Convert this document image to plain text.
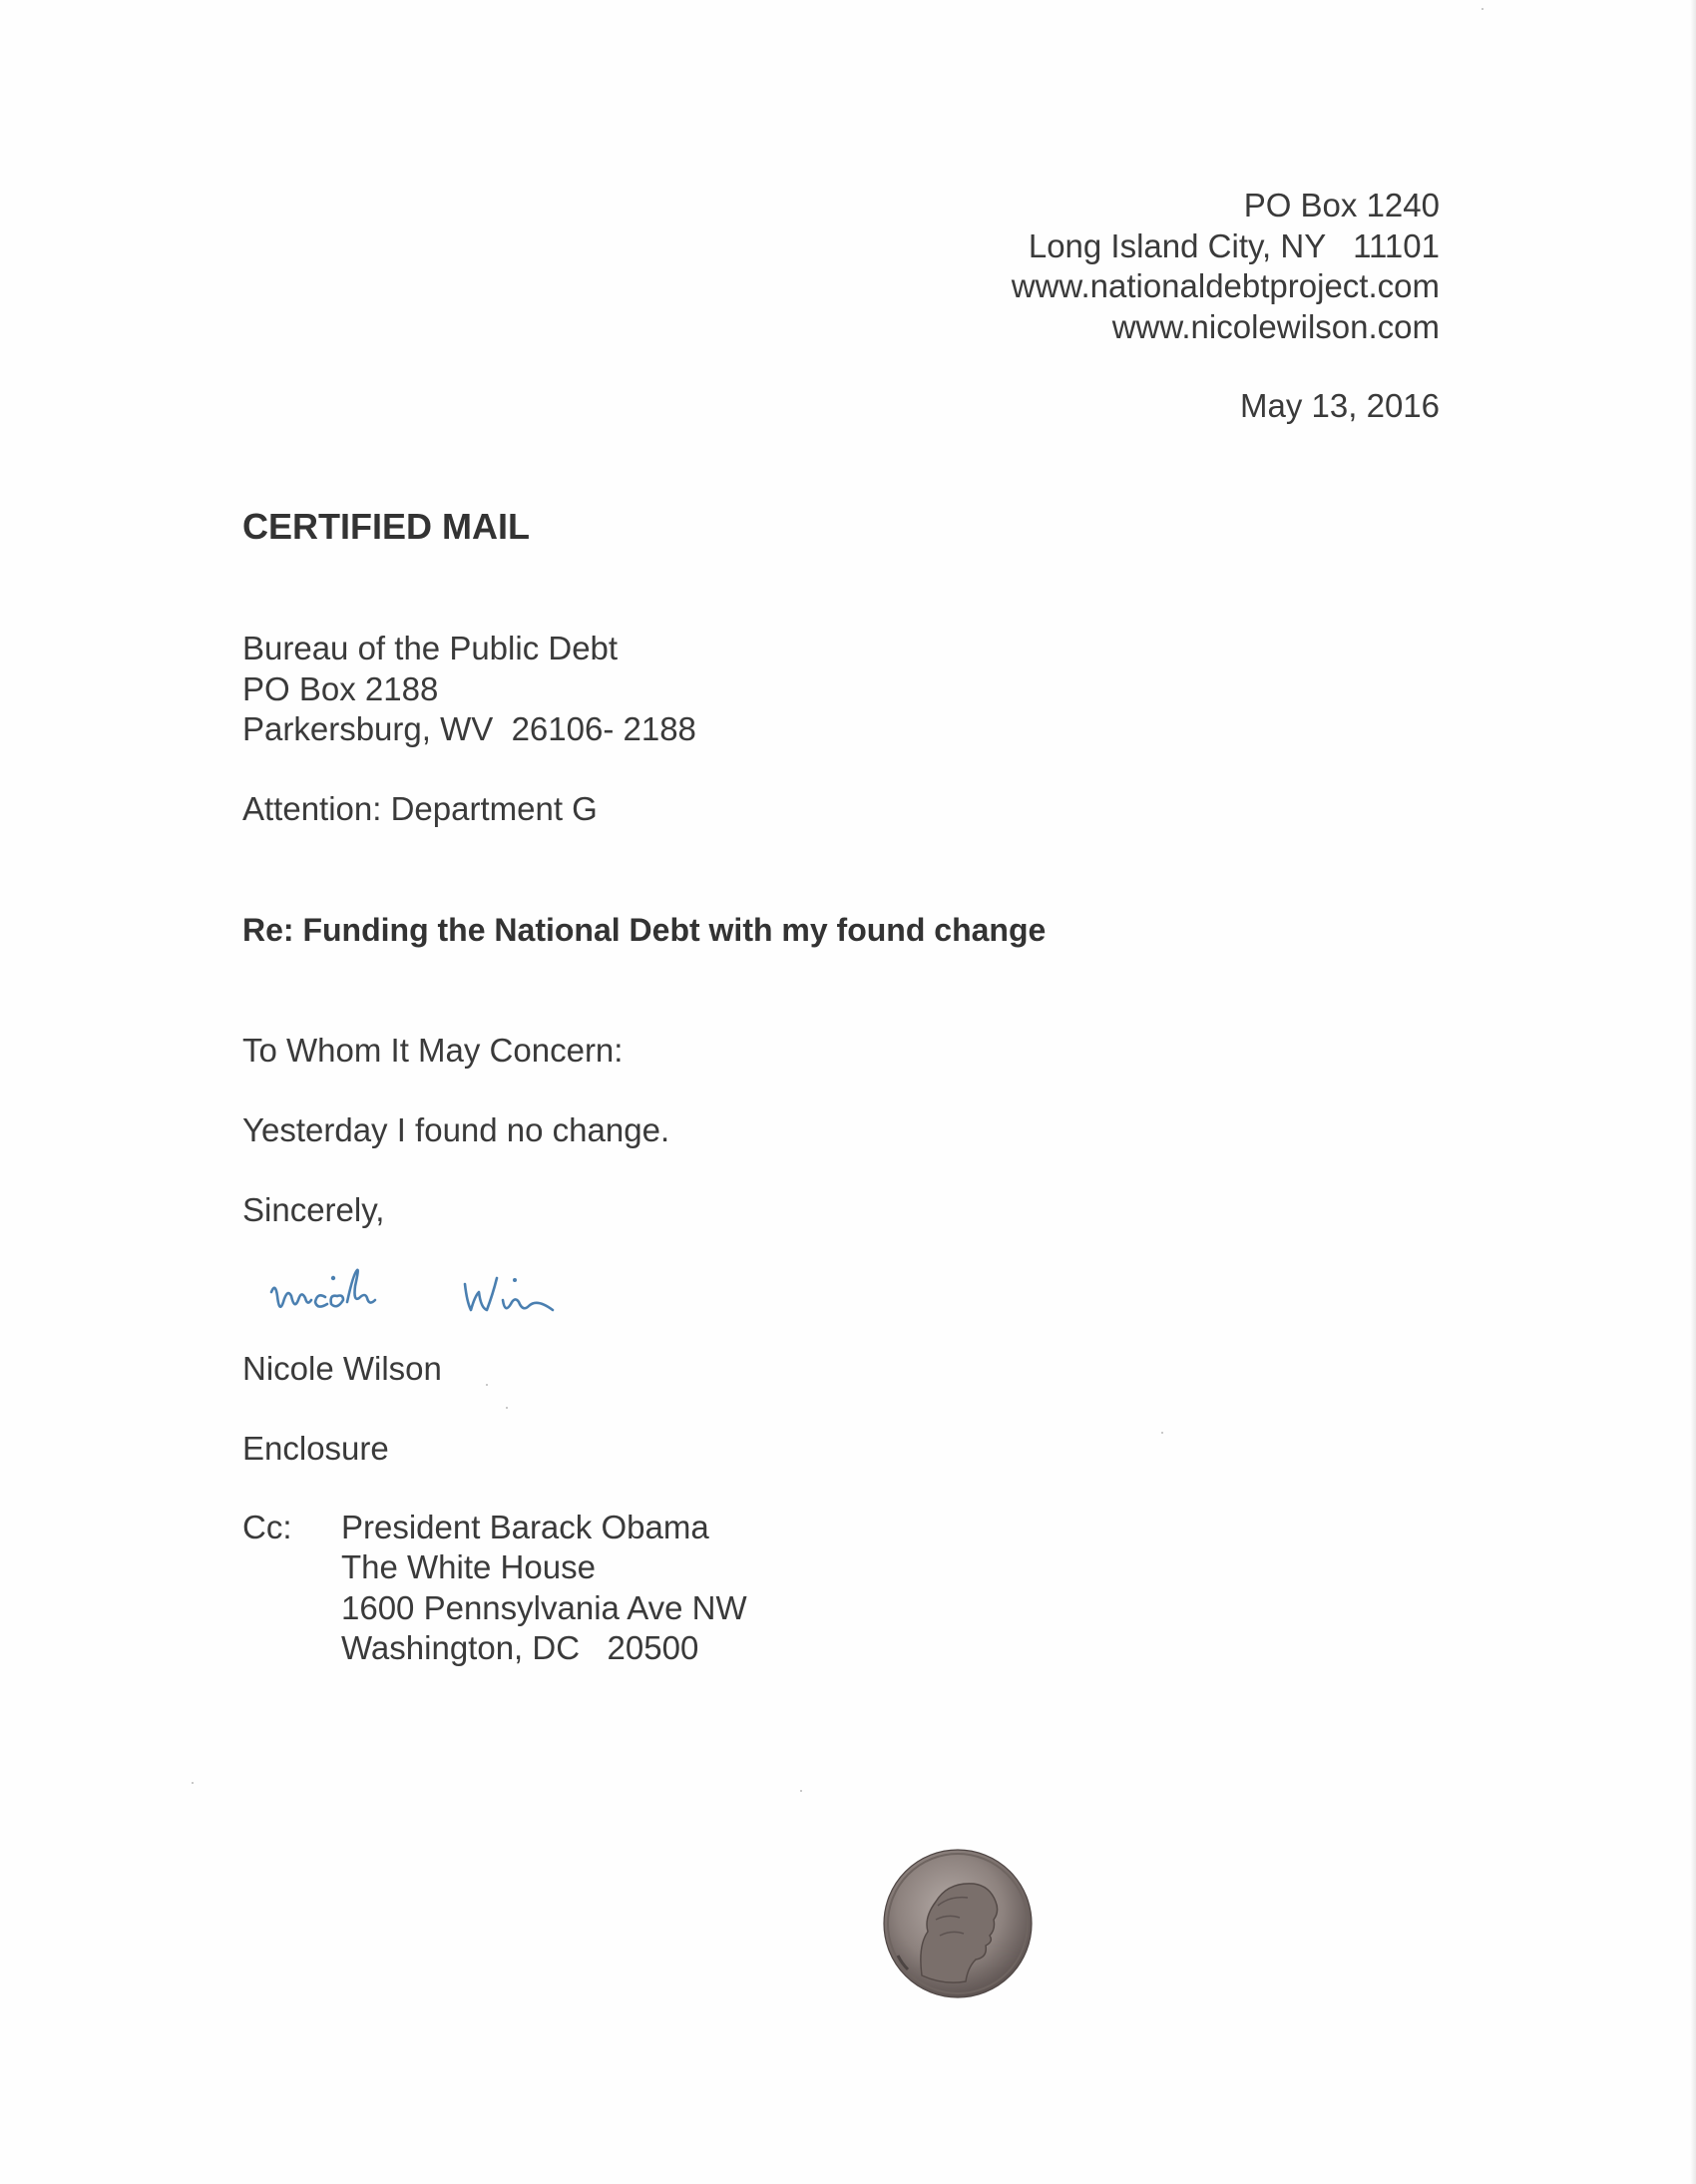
PO Box 1240
Long Island City, NY   11101
www.nationaldebtproject.com
www.nicolewilson.com
May 13, 2016
CERTIFIED MAIL
Bureau of the Public Debt
PO Box 2188
Parkersburg, WV  26106- 2188
Attention: Department G
Re: Funding the National Debt with my found change
To Whom It May Concern:
Yesterday I found no change.
Sincerely,
Nicole Wilson
Enclosure
Cc: President Barack Obama
The White House
1600 Pennsylvania Ave NW
Washington, DC   20500
